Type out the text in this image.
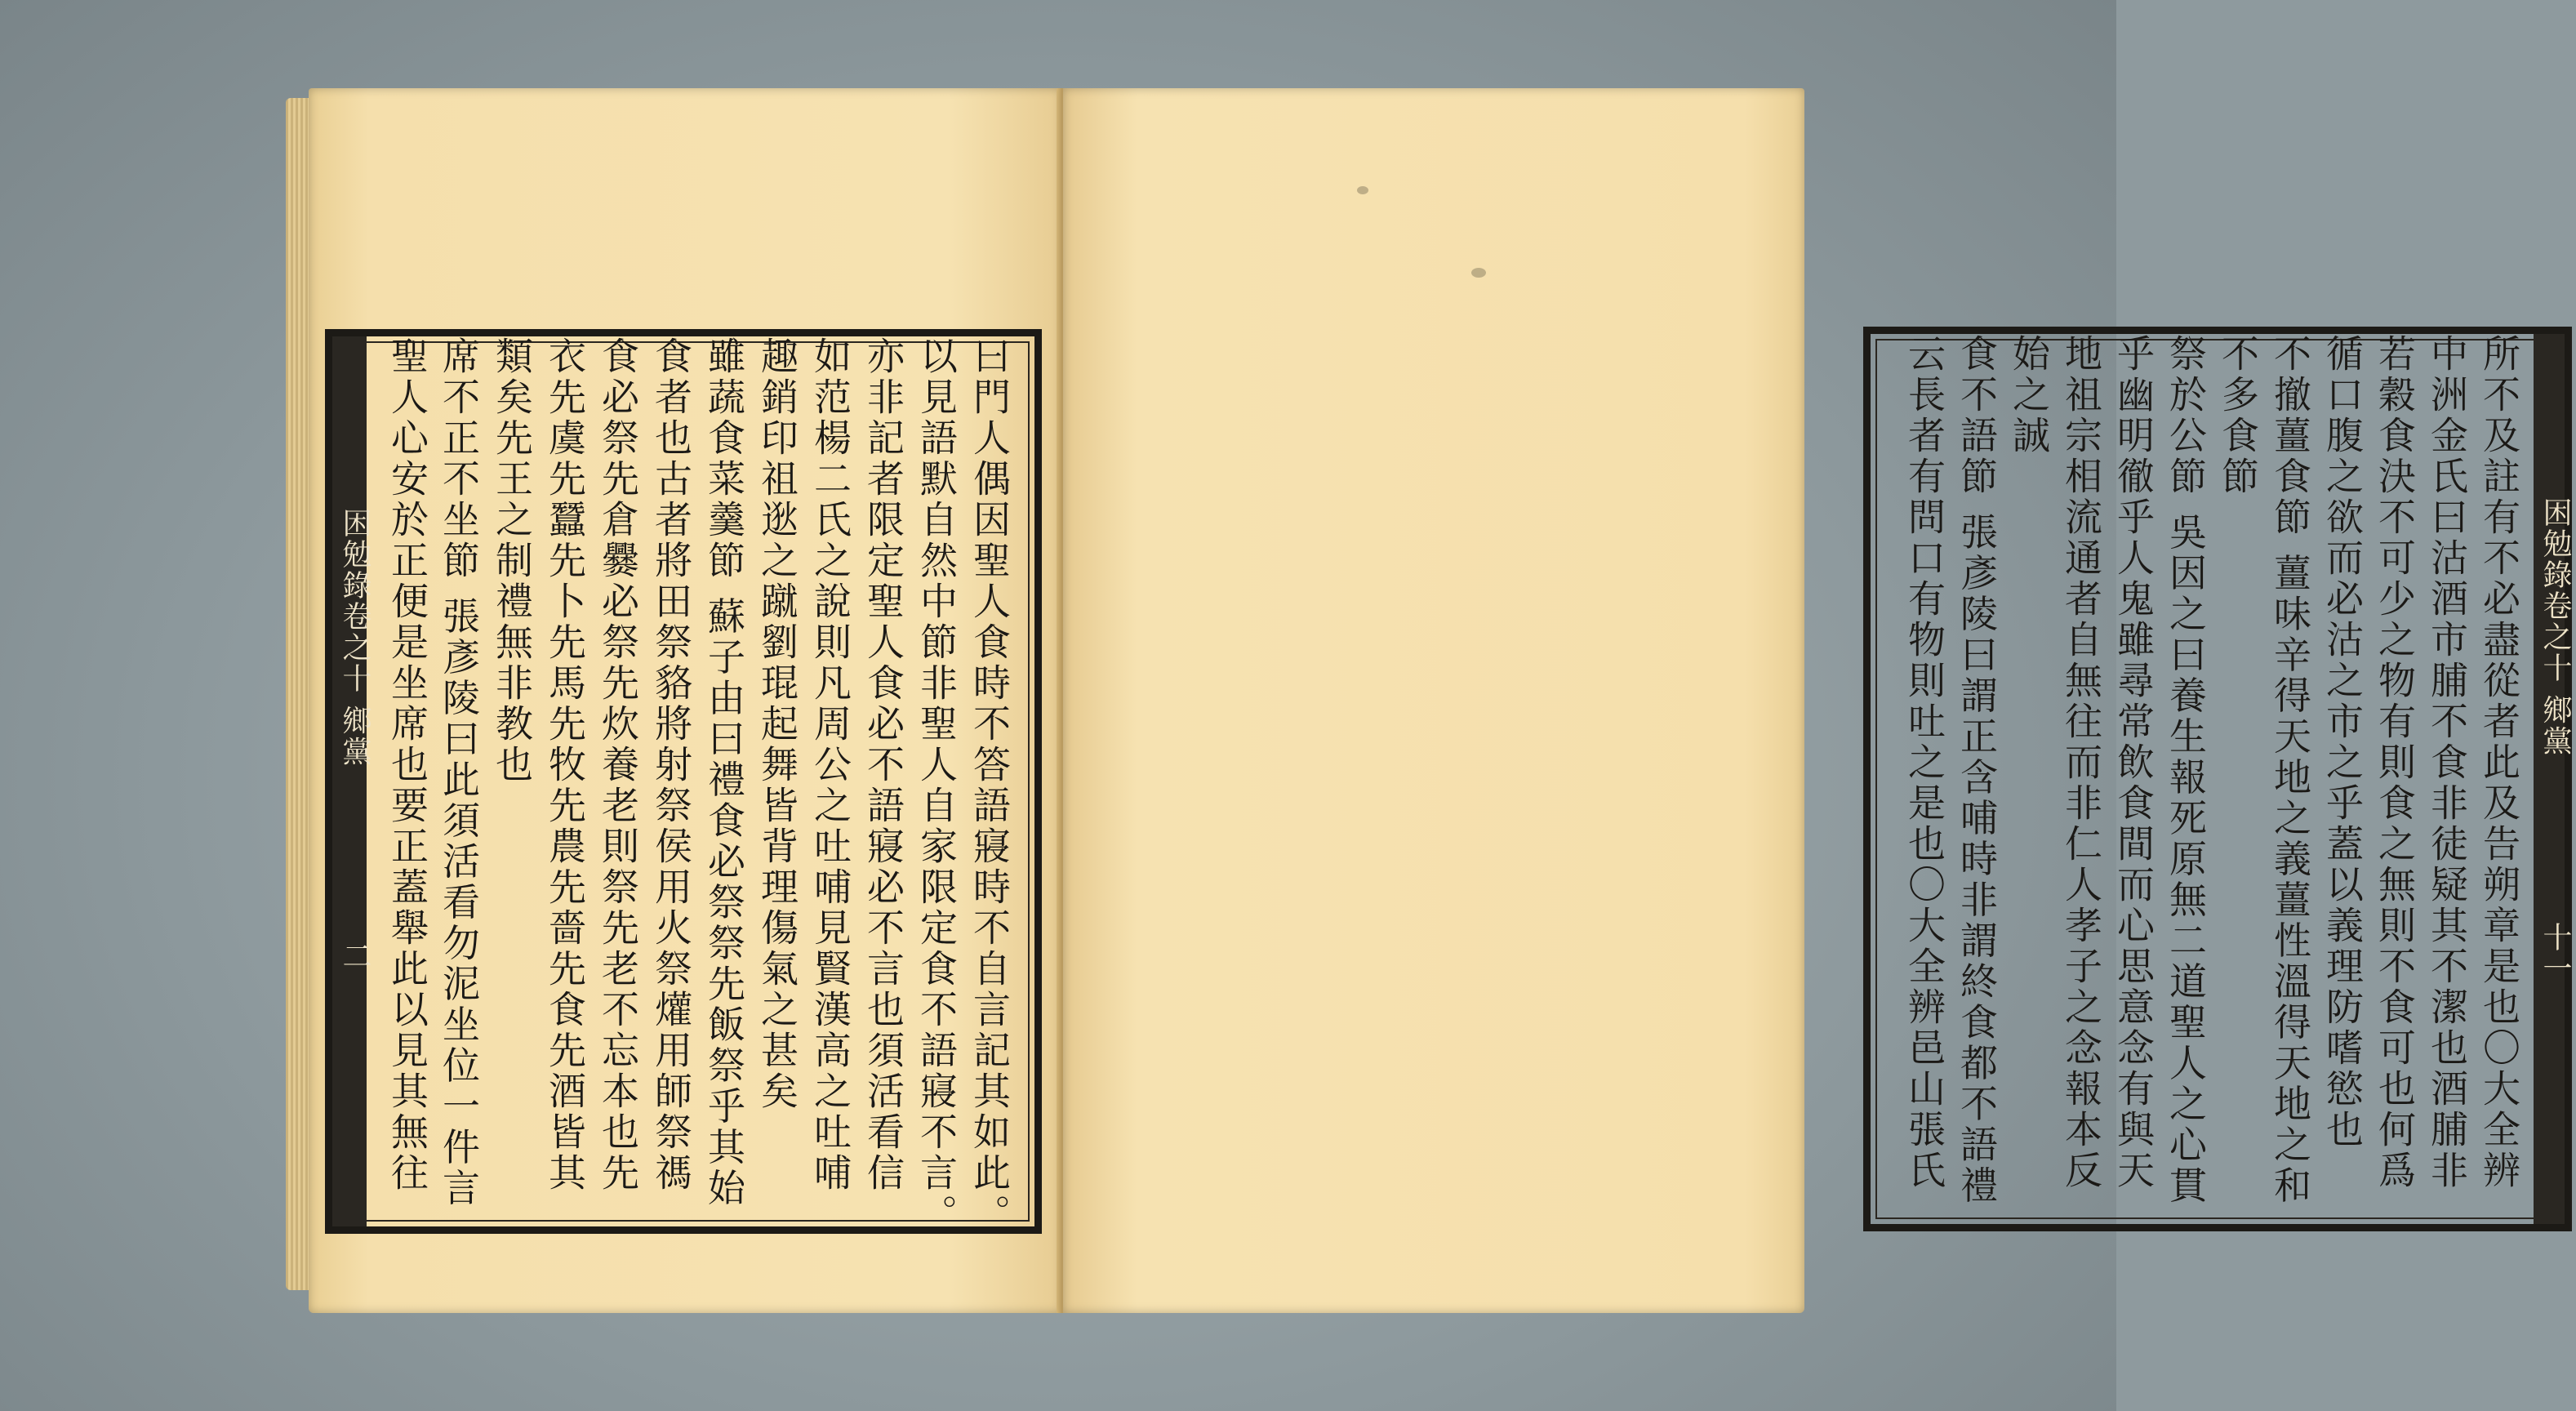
曰門人偶因聖人食時不答語寢時不自言記其如此。
以見語默自然中節非聖人自家限定食不語寢不言。
亦非記者限定聖人食必不語寢必不言也須活看信
如范楊二氏之說則凡周公之吐哺見賢漢高之吐哺
趣銷印祖逖之蹴劉琨起舞皆背理傷氣之甚矣
雖蔬食菜羹節 蘇子由曰禮食必祭祭先飯祭乎其始
食者也古者將田祭貉將射祭侯用火祭爟用師祭禡
食必祭先倉爨必祭先炊養老則祭先老不忘本也先
衣先虞先蠶先卜先馬先牧先農先嗇先食先酒皆其
類矣先王之制禮無非教也
席不正不坐節 張彥陵曰此須活看勿泥坐位一件言
聖人心安於正便是坐席也要正蓋舉此以見其無往
困勉錄卷之十 鄉黨
二
困勉錄卷之十 鄉黨
十一
所不及註有不必盡從者此及告朔章是也〇大全辨
中洲金氏曰沽酒市脯不食非徒疑其不潔也酒脯非
若穀食決不可少之物有則食之無則不食可也何爲
循口腹之欲而必沽之市之乎蓋以義理防嗜慾也
不撤薑食節 薑味辛得天地之義薑性溫得天地之和
不多食節
祭於公節 吳因之曰養生報死原無二道聖人之心貫
乎幽明徹乎人鬼雖尋常飲食間而心思意念有與天
地祖宗相流通者自無往而非仁人孝子之念報本反
始之誠
食不語節 張彥陵曰謂正含哺時非謂終食都不語禮
云長者有問口有物則吐之是也〇大全辨邑山張氏
